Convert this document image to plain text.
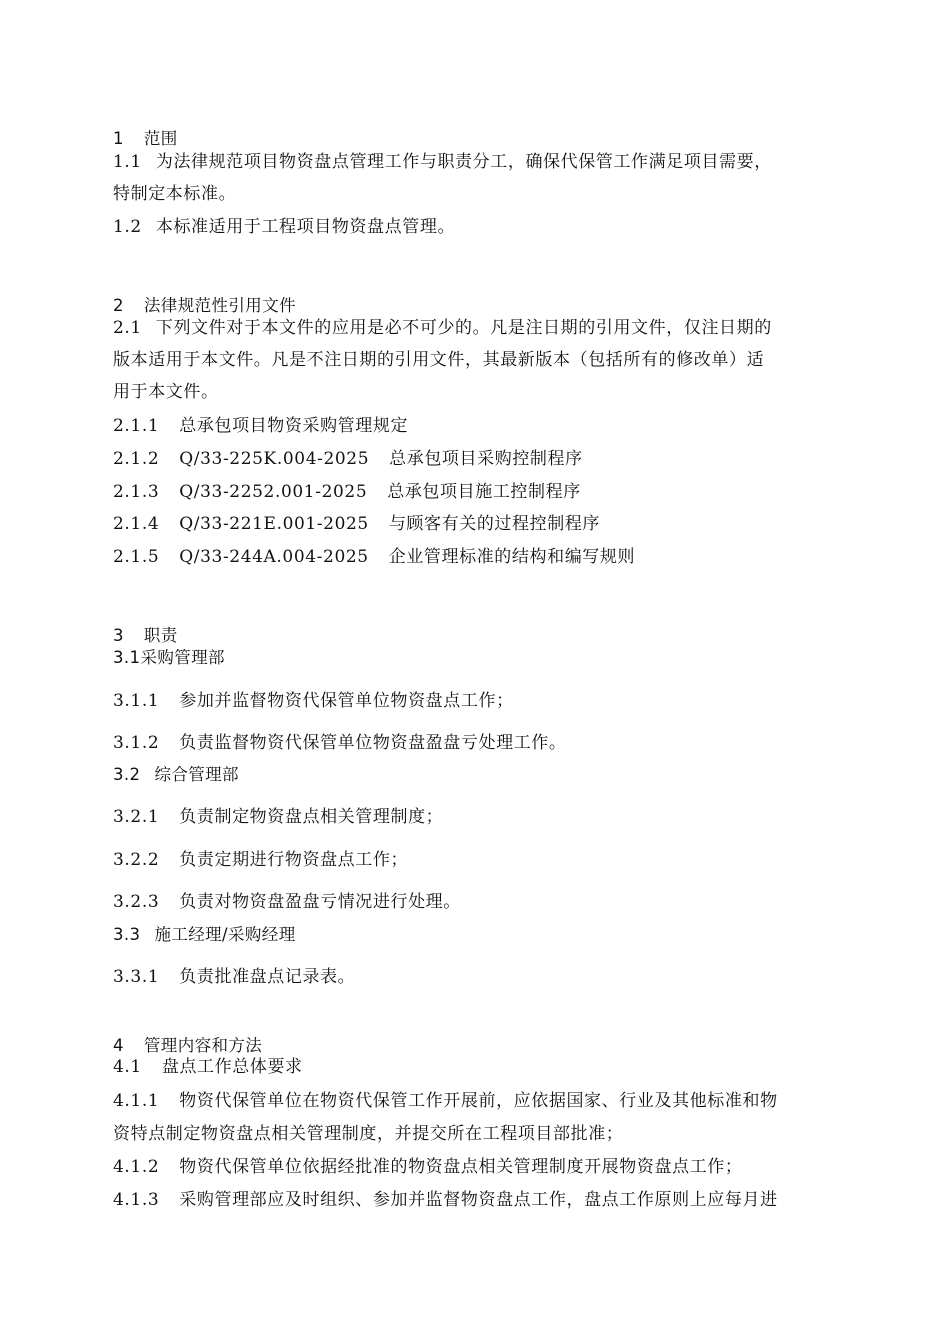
1 范围
1.1 为法律规范项目物资盘点管理工作与职责分工，确保代保管工作满足项目需要，
特制定本标准。
1.2 本标准适用于工程项目物资盘点管理。
2 法律规范性引用文件
2.1 下列文件对于本文件的应用是必不可少的。凡是注日期的引用文件，仅注日期的
版本适用于本文件。凡是不注日期的引用文件，其最新版本（包括所有的修改单）适
用于本文件。
2.1.1 总承包项目物资采购管理规定
2.1.2 Q/33-225K.004-2025 总承包项目采购控制程序
2.1.3 Q/33-2252.001-2025 总承包项目施工控制程序
2.1.4 Q/33-221E.001-2025 与顾客有关的过程控制程序
2.1.5 Q/33-244A.004-2025 企业管理标准的结构和编写规则
3 职责
3.1采购管理部
3.1.1 参加并监督物资代保管单位物资盘点工作；
3.1.2 负责监督物资代保管单位物资盘盈盘亏处理工作。
3.2 综合管理部
3.2.1 负责制定物资盘点相关管理制度；
3.2.2 负责定期进行物资盘点工作；
3.2.3 负责对物资盘盈盘亏情况进行处理。
3.3 施工经理/采购经理
3.3.1 负责批准盘点记录表。
4 管理内容和方法
4.1 盘点工作总体要求
4.1.1 物资代保管单位在物资代保管工作开展前，应依据国家、行业及其他标准和物
资特点制定物资盘点相关管理制度，并提交所在工程项目部批准；
4.1.2 物资代保管单位依据经批准的物资盘点相关管理制度开展物资盘点工作；
4.1.3 采购管理部应及时组织、参加并监督物资盘点工作，盘点工作原则上应每月进
